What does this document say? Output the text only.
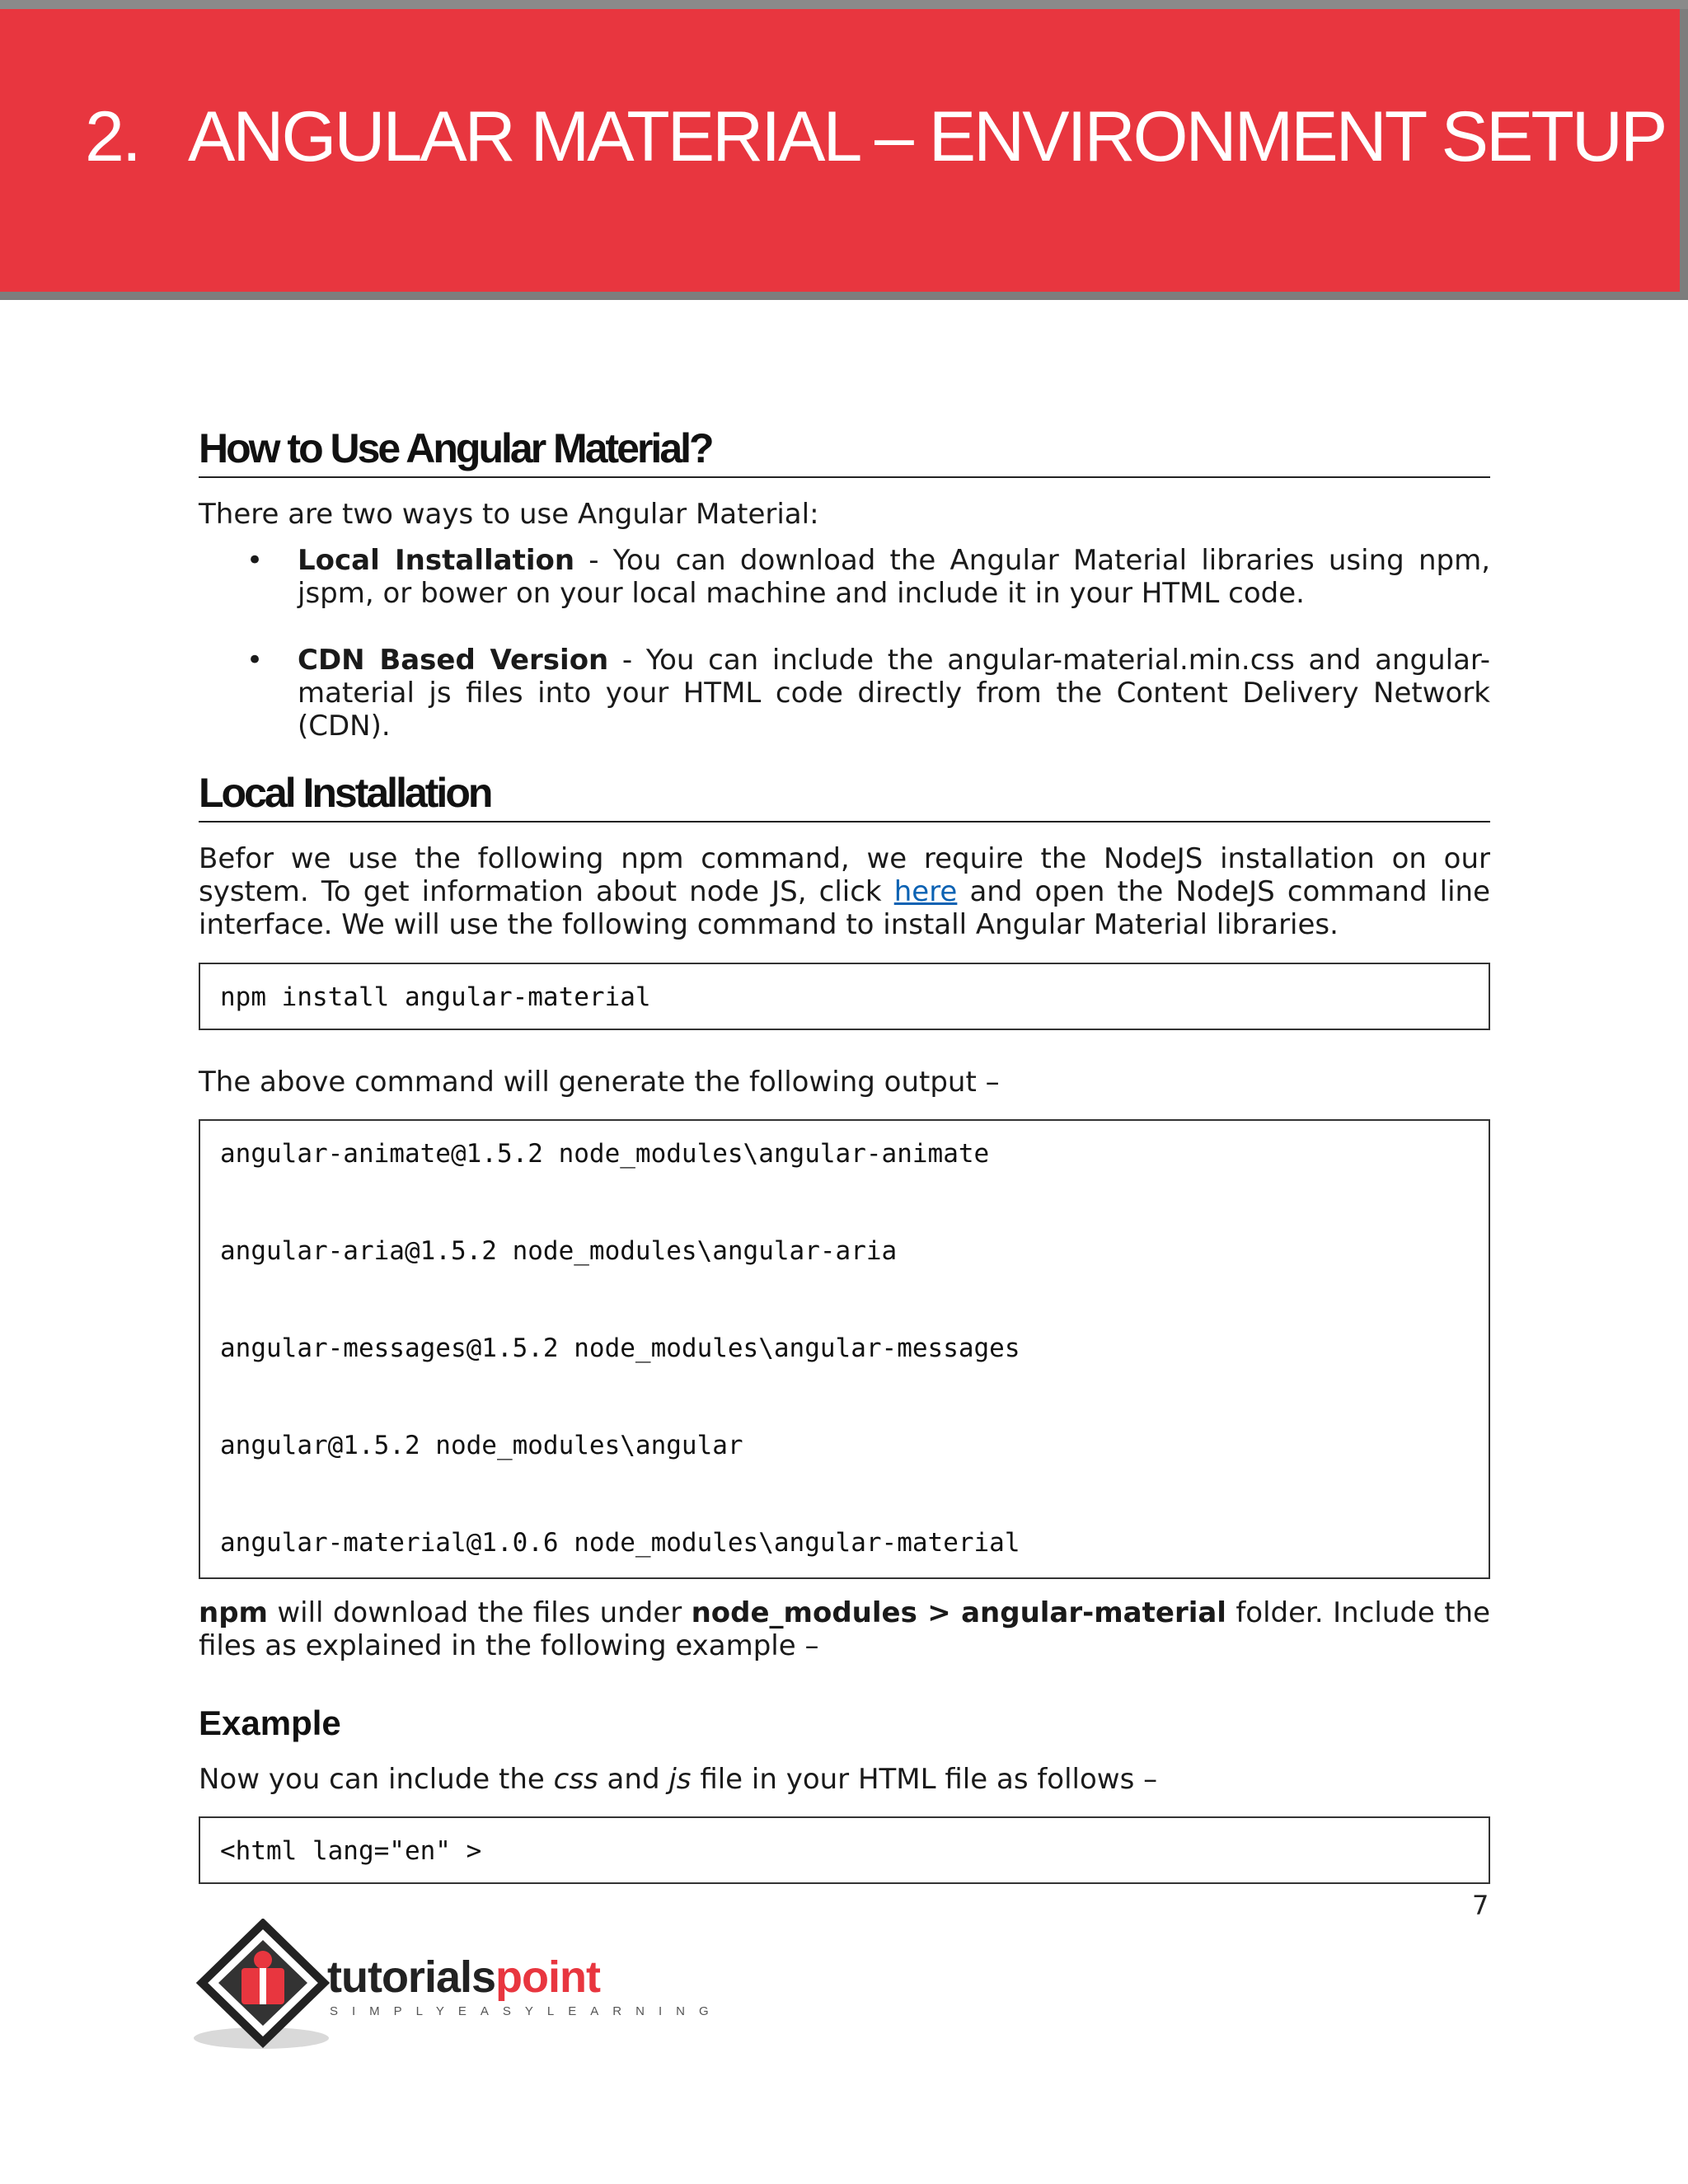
2. ANGULAR MATERIAL – ENVIRONMENT SETUP
How to Use Angular Material?

There are two ways to use Angular Material:

• Local Installation - You can download the Angular Material libraries using npm, jspm, or bower on your local machine and include it in your HTML code.
• CDN Based Version - You can include the angular-material.min.css and angular-material js files into your HTML code directly from the Content Delivery Network (CDN).
Local Installation

Befor we use the following npm command, we require the NodeJS installation on our system. To get information about node JS, click here and open the NodeJS command line interface. We will use the following command to install Angular Material libraries.

npm install angular-material

The above command will generate the following output –

angular-animate@1.5.2 node_modules\angular-animate
angular-aria@1.5.2 node_modules\angular-aria
angular-messages@1.5.2 node_modules\angular-messages
angular@1.5.2 node_modules\angular
angular-material@1.0.6 node_modules\angular-material

npm will download the files under node_modules > angular-material folder. Include the files as explained in the following example –

Example

Now you can include the css and js file in your HTML file as follows –

<html lang="en" >
7
tutorialspoint
SIMPLYEASYLEARNING
